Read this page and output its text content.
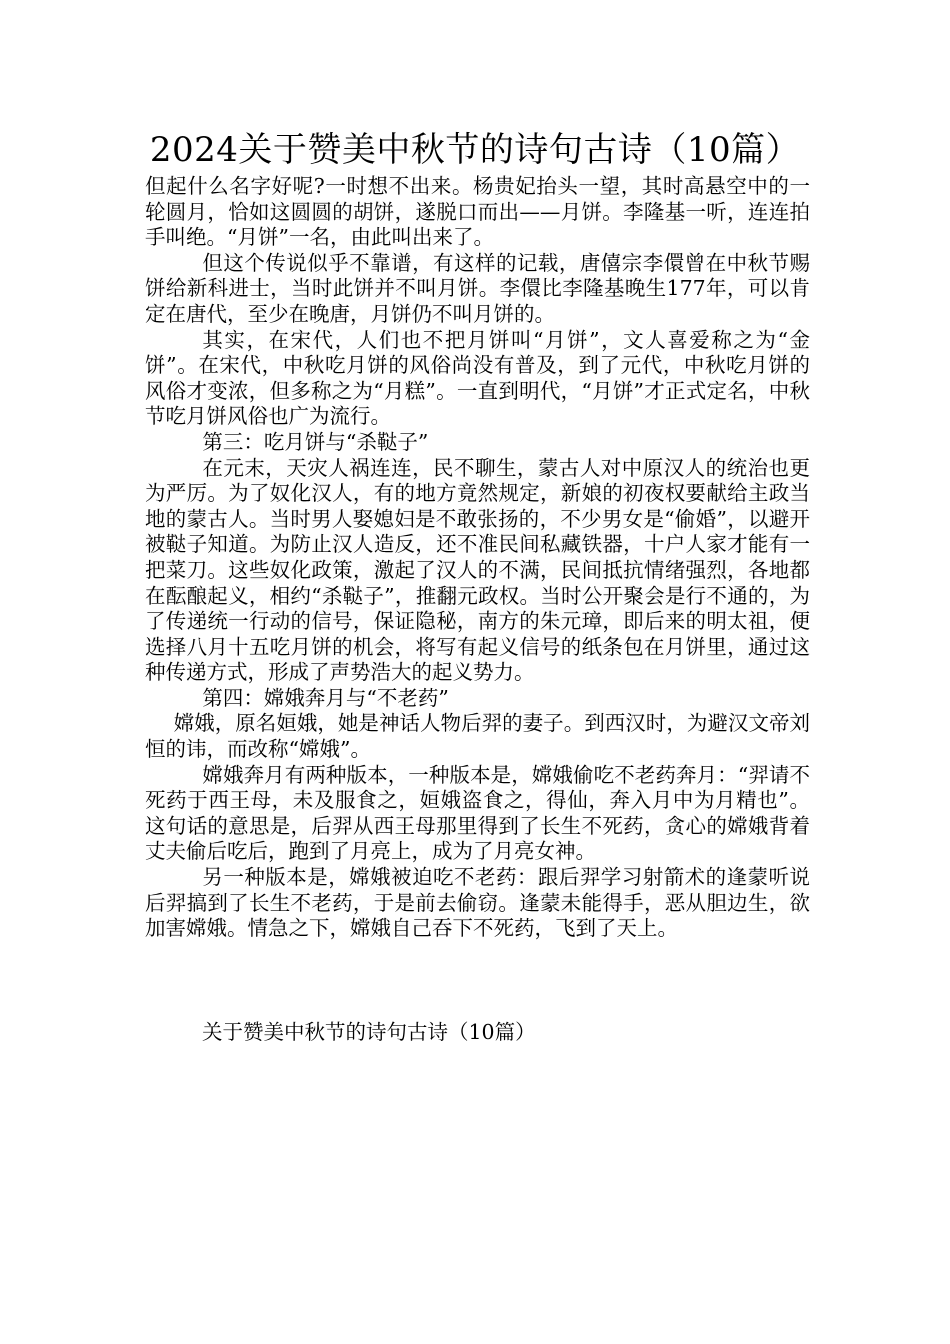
2024关于赞美中秋节的诗句古诗（10篇）

但起什么名字好呢?一时想不出来。杨贵妃抬头一望，其时高悬空中的一轮圆月，恰如这圆圆的胡饼，遂脱口而出——月饼。李隆基一听，连连拍手叫绝。“月饼”一名，由此叫出来了。

但这个传说似乎不靠谱，有这样的记载，唐僖宗李儇曾在中秋节赐饼给新科进士，当时此饼并不叫月饼。李儇比李隆基晚生177年，可以肯定在唐代，至少在晚唐，月饼仍不叫月饼的。

其实，在宋代，人们也不把月饼叫“月饼”，文人喜爱称之为“金饼”。在宋代，中秋吃月饼的风俗尚没有普及，到了元代，中秋吃月饼的风俗才变浓，但多称之为“月糕”。一直到明代，“月饼”才正式定名，中秋节吃月饼风俗也广为流行。

第三：吃月饼与“杀鞑子”

在元末，天灾人祸连连，民不聊生，蒙古人对中原汉人的统治也更为严厉。为了奴化汉人，有的地方竟然规定，新娘的初夜权要献给主政当地的蒙古人。当时男人娶媳妇是不敢张扬的，不少男女是“偷婚”，以避开被鞑子知道。为防止汉人造反，还不准民间私藏铁器，十户人家才能有一把菜刀。这些奴化政策，激起了汉人的不满，民间抵抗情绪强烈，各地都在酝酿起义，相约“杀鞑子”，推翻元政权。当时公开聚会是行不通的，为了传递统一行动的信号，保证隐秘，南方的朱元璋，即后来的明太祖，便选择八月十五吃月饼的机会，将写有起义信号的纸条包在月饼里，通过这种传递方式，形成了声势浩大的起义势力。

第四：嫦娥奔月与“不老药”

嫦娥，原名姮娥，她是神话人物后羿的妻子。到西汉时，为避汉文帝刘恒的讳，而改称“嫦娥”。

嫦娥奔月有两种版本，一种版本是，嫦娥偷吃不老药奔月：“羿请不死药于西王母，未及服食之，姮娥盗食之，得仙，奔入月中为月精也”。这句话的意思是，后羿从西王母那里得到了长生不死药，贪心的嫦娥背着丈夫偷后吃后，跑到了月亮上，成为了月亮女神。

另一种版本是，嫦娥被迫吃不老药：跟后羿学习射箭术的逢蒙听说后羿搞到了长生不老药，于是前去偷窃。逢蒙未能得手，恶从胆边生，欲加害嫦娥。情急之下，嫦娥自己吞下不死药，飞到了天上。

关于赞美中秋节的诗句古诗（10篇）
